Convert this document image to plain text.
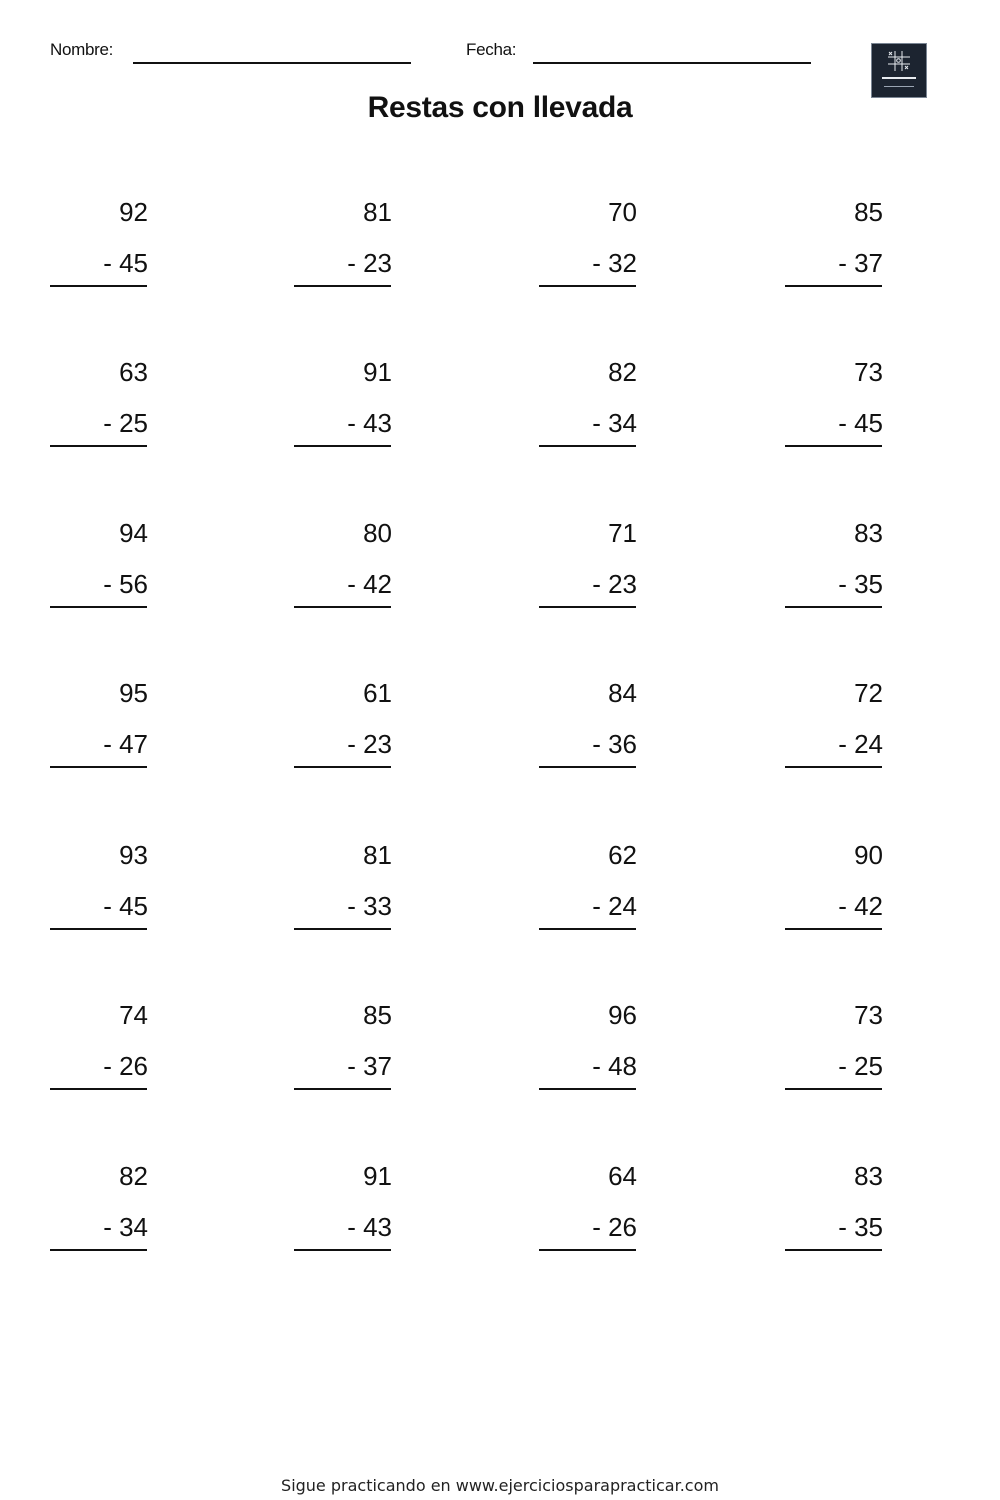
Nombre:	Fecha:
Restas con llevada
92
- 45
81
- 23
70
- 32
85
- 37
63
- 25
91
- 43
82
- 34
73
- 45
94
- 56
80
- 42
71
- 23
83
- 35
95
- 47
61
- 23
84
- 36
72
- 24
93
- 45
81
- 33
62
- 24
90
- 42
74
- 26
85
- 37
96
- 48
73
- 25
82
- 34
91
- 43
64
- 26
83
- 35
Sigue practicando en www.ejerciciosparapracticar.com
